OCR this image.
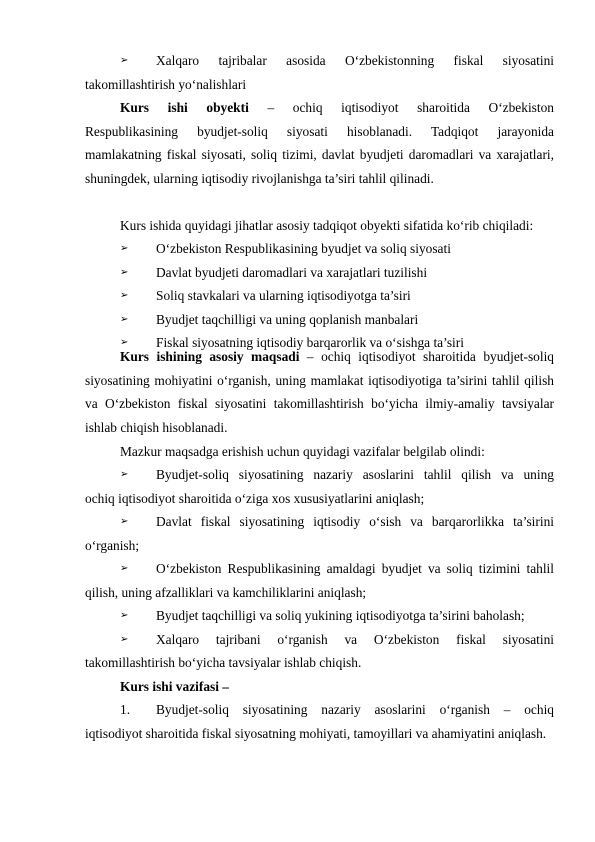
➢ Xalqaro tajribalar asosida O‘zbekistonning fiskal siyosatini
takomillashtirish yo‘nalishlari
Kurs ishi obyekti – ochiq iqtisodiyot sharoitida O‘zbekiston
Respublikasining byudjet-soliq siyosati hisoblanadi. Tadqiqot jarayonida mamlakatning fiskal siyosati, soliq tizimi, davlat byudjeti daromadlari va xarajatlari, shuningdek, ularning iqtisodiy rivojlanishga ta’siri tahlil qilinadi.
Kurs ishida quyidagi jihatlar asosiy tadqiqot obyekti sifatida ko‘rib chiqiladi:
➢ O‘zbekiston Respublikasining byudjet va soliq siyosati
➢ Davlat byudjeti daromadlari va xarajatlari tuzilishi
➢ Soliq stavkalari va ularning iqtisodiyotga ta’siri
➢ Byudjet taqchilligi va uning qoplanish manbalari
➢ Fiskal siyosatning iqtisodiy barqarorlik va o‘sishga ta’siri
Kurs ishining asosiy maqsadi – ochiq iqtisodiyot sharoitida byudjet-soliq
siyosatining mohiyatini o‘rganish, uning mamlakat iqtisodiyotiga ta’sirini tahlil qilish va O‘zbekiston fiskal siyosatini takomillashtirish bo‘yicha ilmiy-amaliy tavsiyalar ishlab chiqish hisoblanadi.
Mazkur maqsadga erishish uchun quyidagi vazifalar belgilab olindi:
➢ Byudjet-soliq siyosatining nazariy asoslarini tahlil qilish va uning
ochiq iqtisodiyot sharoitida o‘ziga xos xususiyatlarini aniqlash;
➢ Davlat fiskal siyosatining iqtisodiy o‘sish va barqarorlikka ta’sirini
o‘rganish;
➢ O‘zbekiston Respublikasining amaldagi byudjet va soliq tizimini tahlil
qilish, uning afzalliklari va kamchiliklarini aniqlash;
➢ Byudjet taqchilligi va soliq yukining iqtisodiyotga ta’sirini baholash;
➢ Xalqaro tajribani o‘rganish va O‘zbekiston fiskal siyosatini
takomillashtirish bo‘yicha tavsiyalar ishlab chiqish.
Kurs ishi vazifasi –
1.	Byudjet-soliq siyosatining nazariy asoslarini o‘rganish – ochiq
iqtisodiyot sharoitida fiskal siyosatning mohiyati, tamoyillari va ahamiyatini aniqlash.
